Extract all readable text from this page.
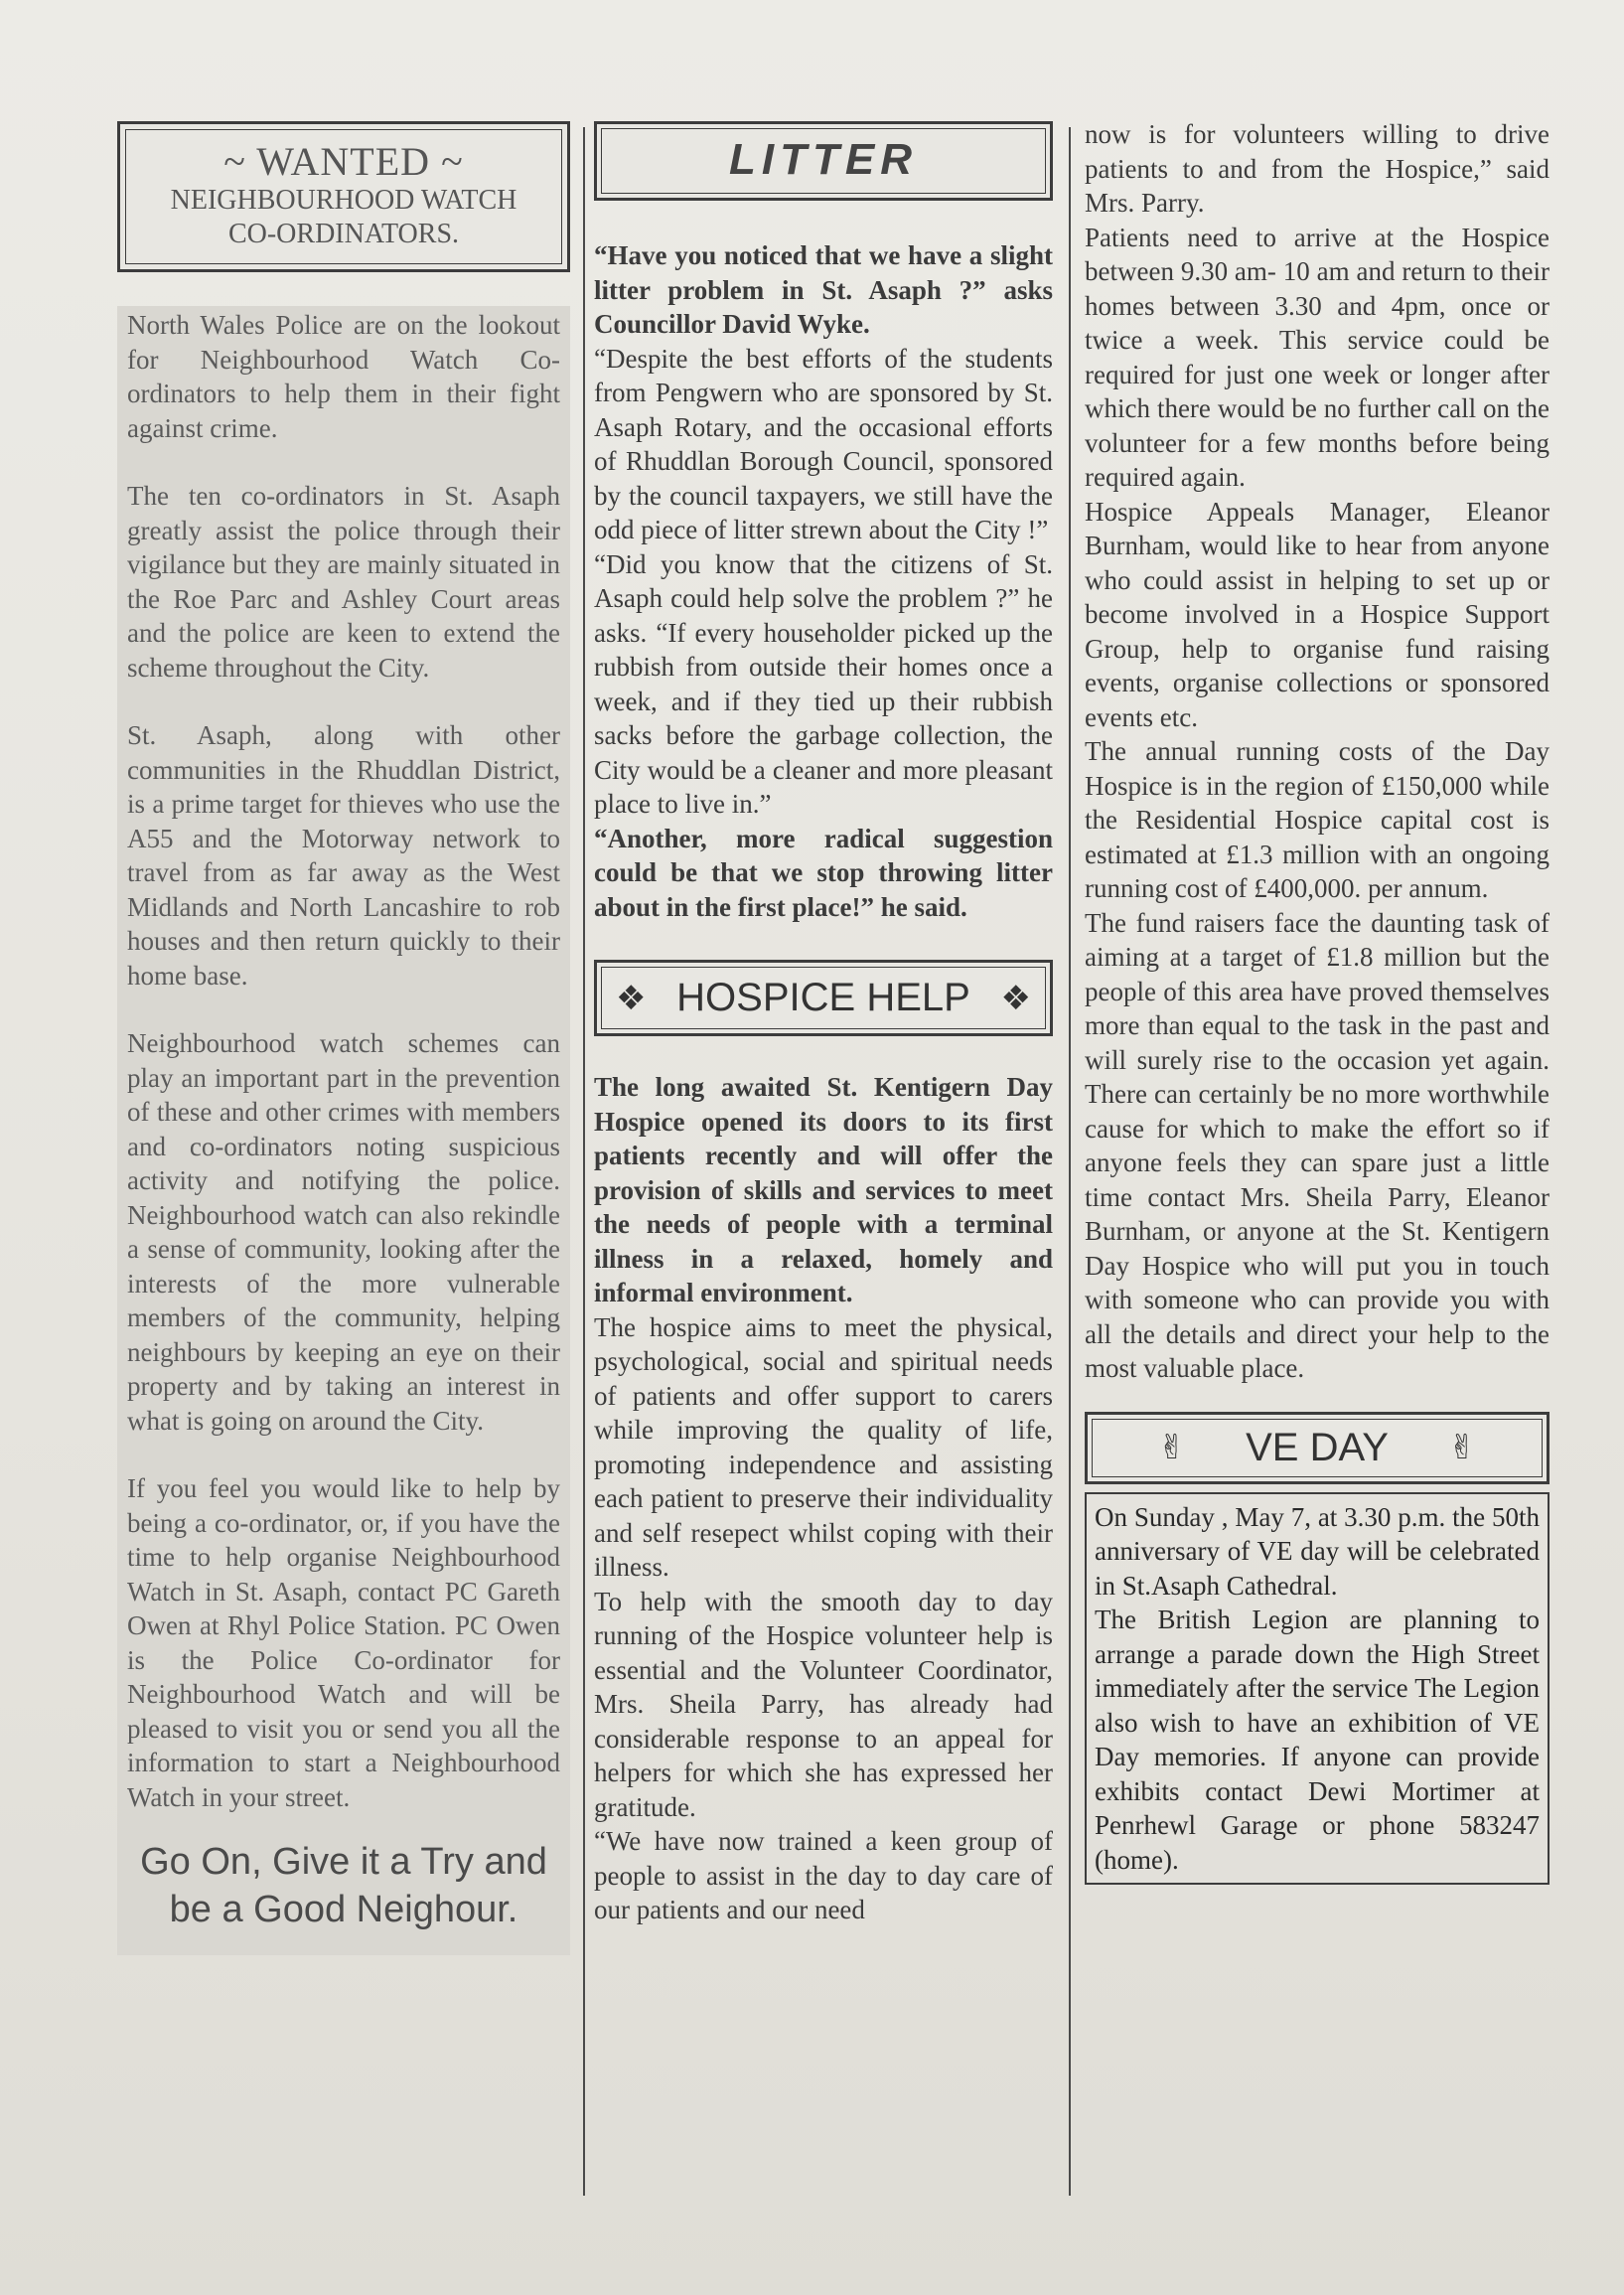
~ WANTED ~
NEIGHBOURHOOD WATCH
CO-ORDINATORS.

North Wales Police are on the lookout for Neighbourhood Watch Co-ordinators to help them in their fight against crime.

The ten co-ordinators in St. Asaph greatly assist the police through their vigilance but they are mainly situated in the Roe Parc and Ashley Court areas and the police are keen to extend the scheme throughout the City.

St. Asaph, along with other communities in the Rhuddlan District, is a prime target for thieves who use the A55 and the Motorway network to travel from as far away as the West Midlands and North Lancashire to rob houses and then return quickly to their home base.

Neighbourhood watch schemes can play an important part in the prevention of these and other crimes with members and co-ordinators noting suspicious activity and notifying the police. Neighbourhood watch can also rekindle a sense of community, looking after the interests of the more vulnerable members of the community, helping neighbours by keeping an eye on their property and by taking an interest in what is going on around the City.

If you feel you would like to help by being a co-ordinator, or, if you have the time to help organise Neighbourhood Watch in St. Asaph, contact PC Gareth Owen at Rhyl Police Station. PC Owen is the Police Co-ordinator for Neighbourhood Watch and will be pleased to visit you or send you all the information to start a Neighbourhood Watch in your street.

Go On, Give it a Try and
be a Good Neighour.
LITTER

“Have you noticed that we have a slight litter problem in St. Asaph ?” asks Councillor David Wyke.

“Despite the best efforts of the students from Pengwern who are sponsored by St. Asaph Rotary, and the occasional efforts of Rhuddlan Borough Council, sponsored by the council taxpayers, we still have the odd piece of litter strewn about the City !”

“Did you know that the citizens of St. Asaph could help solve the problem ?” he asks. “If every householder picked up the rubbish from outside their homes once a week, and if they tied up their rubbish sacks before the garbage collection, the City would be a cleaner and more pleasant place to live in.”

“Another, more radical suggestion could be that we stop throwing litter about in the first place!” he said.

❖ HOSPICE HELP ❖

The long awaited St. Kentigern Day Hospice opened its doors to its first patients recently and will offer the provision of skills and services to meet the needs of people with a terminal illness in a relaxed, homely and informal environment.

The hospice aims to meet the physical, psychological, social and spiritual needs of patients and offer support to carers while improving the quality of life, promoting independence and assisting each patient to preserve their individuality and self resepect whilst coping with their illness.

To help with the smooth day to day running of the Hospice volunteer help is essential and the Volunteer Coordinator, Mrs. Sheila Parry, has already had considerable response to an appeal for helpers for which she has expressed her gratitude.

“We have now trained a keen group of people to assist in the day to day care of our patients and our need

now is for volunteers willing to drive patients to and from the Hospice,” said Mrs. Parry.

Patients need to arrive at the Hospice between 9.30 am- 10 am and return to their homes between 3.30 and 4pm, once or twice a week. This service could be required for just one week or longer after which there would be no further call on the volunteer for a few months before being required again.

Hospice Appeals Manager, Eleanor Burnham, would like to hear from anyone who could assist in helping to set up or become involved in a Hospice Support Group, help to organise fund raising events, organise collections or sponsored events etc.

The annual running costs of the Day Hospice is in the region of £150,000 while the Residential Hospice capital cost is estimated at £1.3 million with an ongoing running cost of £400,000. per annum.

The fund raisers face the daunting task of aiming at a target of £1.8 million but the people of this area have proved themselves more than equal to the task in the past and will surely rise to the occasion yet again. There can certainly be no more worthwhile cause for which to make the effort so if anyone feels they can spare just a little time contact Mrs. Sheila Parry, Eleanor Burnham, or anyone at the St. Kentigern Day Hospice who will put you in touch with someone who can provide you with all the details and direct your help to the most valuable place.

✌ VE DAY ✌

On Sunday , May 7, at 3.30 p.m. the 50th anniversary of VE day will be celebrated in St.Asaph Cathedral.

The British Legion are planning to arrange a parade down the High Street immediately after the service The Legion also wish to have an exhibition of VE Day memories. If anyone can provide exhibits contact Dewi Mortimer at Penrhewl Garage or phone 583247 (home).
